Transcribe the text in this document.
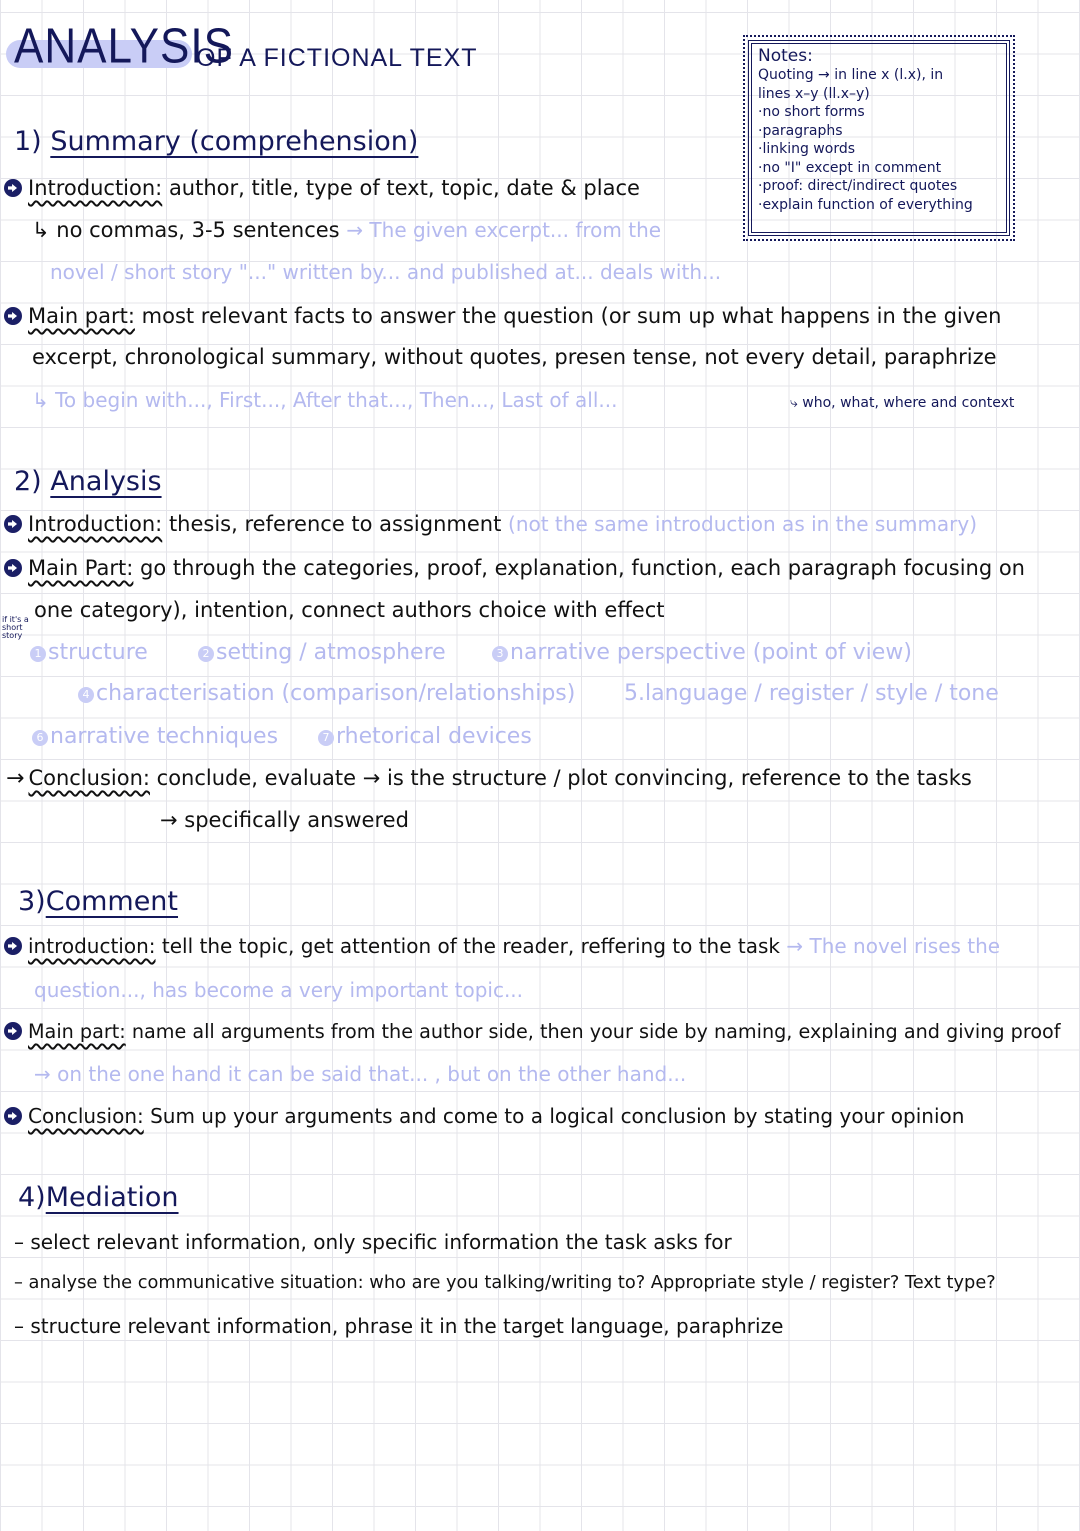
ANALYSIS
OF A FICTIONAL TEXT	Notes:
Quoting → in line x (l.x), in
lines x–y (ll.x–y)
·no short forms
·paragraphs
·linking words
·no "I" except in comment
·proof: direct/indirect quotes
·explain function of everything
1) Summary (comprehension)
Introduction: author, title, type of text, topic, date & place
↳ no commas, 3-5 sentences → The given excerpt... from the
novel / short story "..." written by... and published at... deals with...
Main part: most relevant facts to answer the question (or sum up what happens in the given
excerpt, chronological summary, without quotes, presen tense, not every detail, paraphrize
↳ To begin with..., First..., After that..., Then..., Last of all...	⤷ who, what, where and context
2) Analysis
Introduction: thesis, reference to assignment (not the same introduction as in the summary)
Main Part: go through the categories, proof, explanation, function, each paragraph focusing on
one category), intention, connect authors choice with effect
if it's a short story
1 structure	2 setting / atmosphere	3 narrative perspective (point of view)
4 characterisation (comparison/relationships) 5.language / register / style / tone
6 narrative techniques	7 rhetorical devices
→ Conclusion: conclude, evaluate → is the structure / plot convincing, reference to the tasks
→ specifically answered
3)Comment
introduction: tell the topic, get attention of the reader, reffering to the task → The novel rises the
question..., has become a very important topic...
Main part: name all arguments from the author side, then your side by naming, explaining and giving proof
→ on the one hand it can be said that... , but on the other hand...
Conclusion: Sum up your arguments and come to a logical conclusion by stating your opinion
4)Mediation
– select relevant information, only specific information the task asks for
– analyse the communicative situation: who are you talking/writing to? Appropriate style / register? Text type?
– structure relevant information, phrase it in the target language, paraphrize
